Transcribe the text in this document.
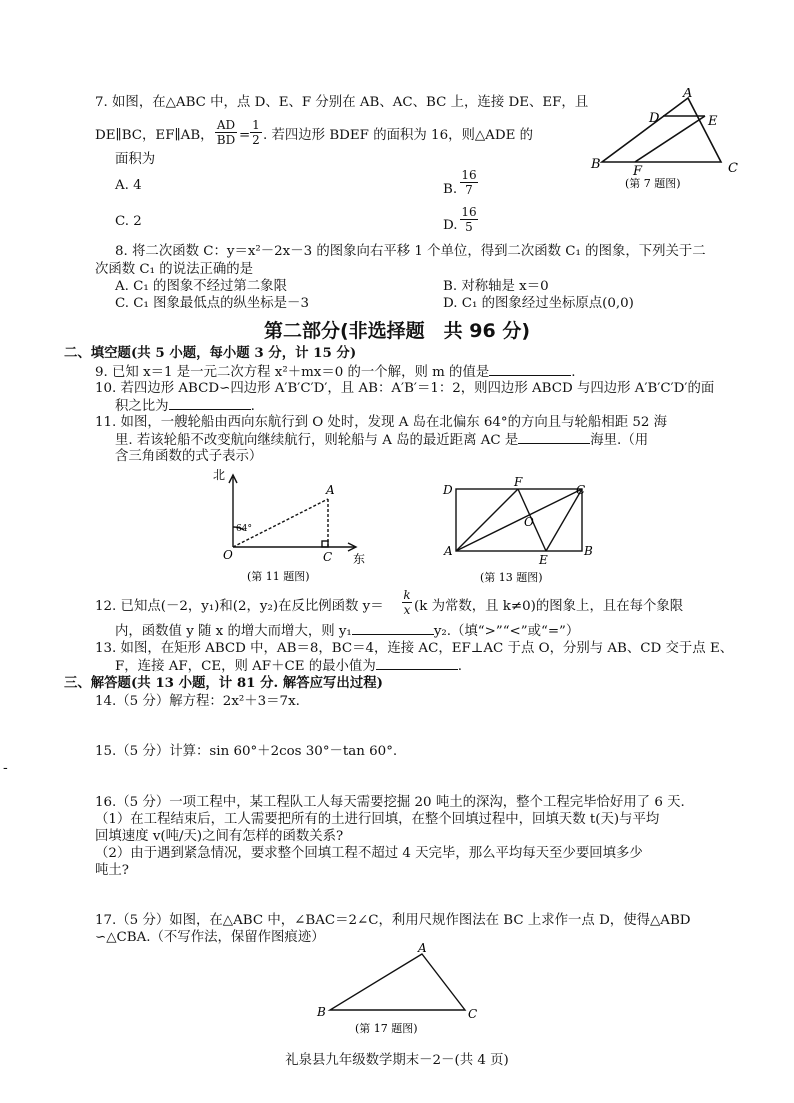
7. 如图，在△ABC 中，点 D、E、F 分别在 AB、AC、BC 上，连接 DE、EF，且
DE∥BC，EF∥AB， $\frac{AD}{BD} = \frac{1}{2}$ . 若四边形 BDEF 的面积为 16，则△ADE 的
面积为
A. 4	B. $\frac{16}{7}$
C. 2	D. $\frac{16}{5}$
A
D	E
B	C
F
(第 7 题图)
8. 将二次函数 C：y＝x²－2x－3 的图象向右平移 1 个单位，得到二次函数 C₁ 的图象，下列关于二
次函数 C₁ 的说法正确的是
A. C₁ 的图象不经过第二象限	B. 对称轴是 x＝0
C. C₁ 图象最低点的纵坐标是－3	D. C₁ 的图象经过坐标原点(0,0)
第二部分(非选择题　共 96 分)
二、填空题(共 5 小题，每小题 3 分，计 15 分)
9. 已知 x＝1 是一元二次方程 x²＋mx＝0 的一个解，则 m 的值是	.
10. 若四边形 ABCD∽四边形 A′B′C′D′，且 AB：A′B′＝1：2，则四边形 ABCD 与四边形 A′B′C′D′的面
积之比为	.
11. 如图，一艘轮船由西向东航行到 O 处时，发现 A 岛在北偏东 64°的方向且与轮船相距 52 海
里. 若该轮船不改变航向继续航行，则轮船与 A 岛的最近距离 AC 是	海里.（用
含三角函数的式子表示）
北
东
A
O	C
64°
(第 11 题图)
D
F
C
A
E
B
O
(第 13 题图)
12. 已知点(－2，y₁)和(2，y₂)在反比例函数 $y= \frac{k}{x} (k$ 为常数，且 k≠0)的图象上，且在每个象限
内，函数值 y 随 x 的增大而增大，则 y₁	y₂.（填“>”“<”或“=”）
13. 如图，在矩形 ABCD 中，AB＝8，BC＝4，连接 AC，EF⊥AC 于点 O，分别与 AB、CD 交于点 E、
F，连接 AF，CE，则 AF＋CE 的最小值为	.
三、解答题(共 13 小题，计 81 分. 解答应写出过程)
14.（5 分）解方程：2x²＋3＝7x.
15.（5 分）计算：sin 60°＋2cos 30°－tan 60°.
16.（5 分）一项工程中，某工程队工人每天需要挖掘 20 吨土的深沟，整个工程完毕恰好用了 6 天.
（1）在工程结束后，工人需要把所有的土进行回填，在整个回填过程中，回填天数 t(天)与平均
回填速度 v(吨/天)之间有怎样的函数关系?
（2）由于遇到紧急情况，要求整个回填工程不超过 4 天完毕，那么平均每天至少要回填多少
吨土?
17.（5 分）如图，在△ABC 中，∠BAC＝2∠C，利用尺规作图法在 BC 上求作一点 D，使得△ABD
∽△CBA.（不写作法，保留作图痕迹）
A
B	C
(第 17 题图)
礼泉县九年级数学期末－2－(共 4 页)
-
